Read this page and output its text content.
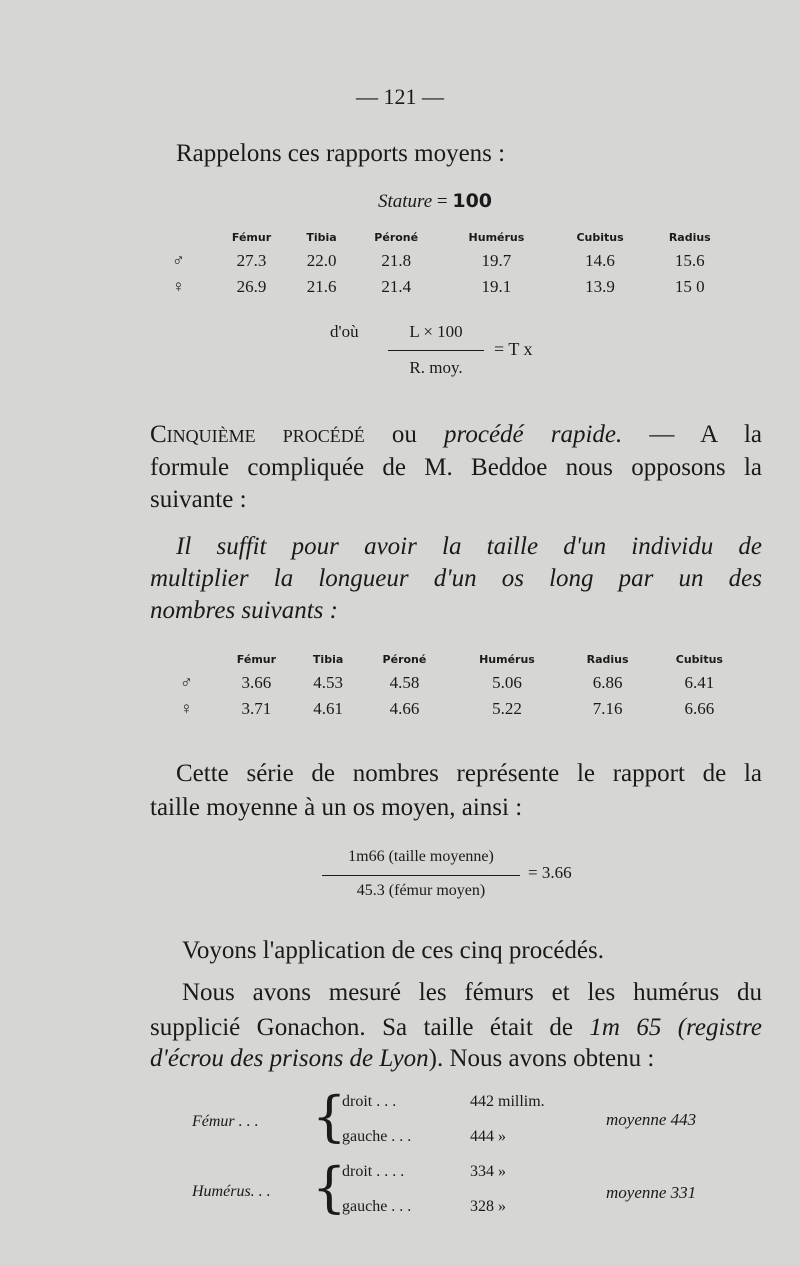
— 121 —
Rappelons ces rapports moyens :
Stature = 100
	Fémur	Tibia	Péroné	Humérus	Cubitus	Radius
♂	27.3	22.0	21.8	19.7	14.6	15.6
♀	26.9	21.6	21.4	19.1	13.9	15 0
d'où	L × 100
R. moy.
= T x
Cinquième procédé ou procédé rapide. — A la
formule compliquée de M. Beddoe nous opposons la
suivante :
Il suffit pour avoir la taille d'un individu de
multiplier la longueur d'un os long par un des
nombres suivants :
	Fémur	Tibia	Péroné	Humérus	Radius	Cubitus
♂	3.66	4.53	4.58	5.06	6.86	6.41
♀	3.71	4.61	4.66	5.22	7.16	6.66
Cette série de nombres représente le rapport de la
taille moyenne à un os moyen, ainsi :
1m66 (taille moyenne)
45.3 (fémur moyen)
= 3.66
Voyons l'application de ces cinq procédés.
Nous avons mesuré les fémurs et les humérus du
supplicié Gonachon. Sa taille était de 1m 65 (registre
d'écrou des prisons de Lyon). Nous avons obtenu :
Fémur . . . {
droit . . .	442 millim.
gauche . . .	444 »
moyenne 443
Humérus. . . {
droit . . . .	334 »
gauche . . .	328 »
moyenne 331
